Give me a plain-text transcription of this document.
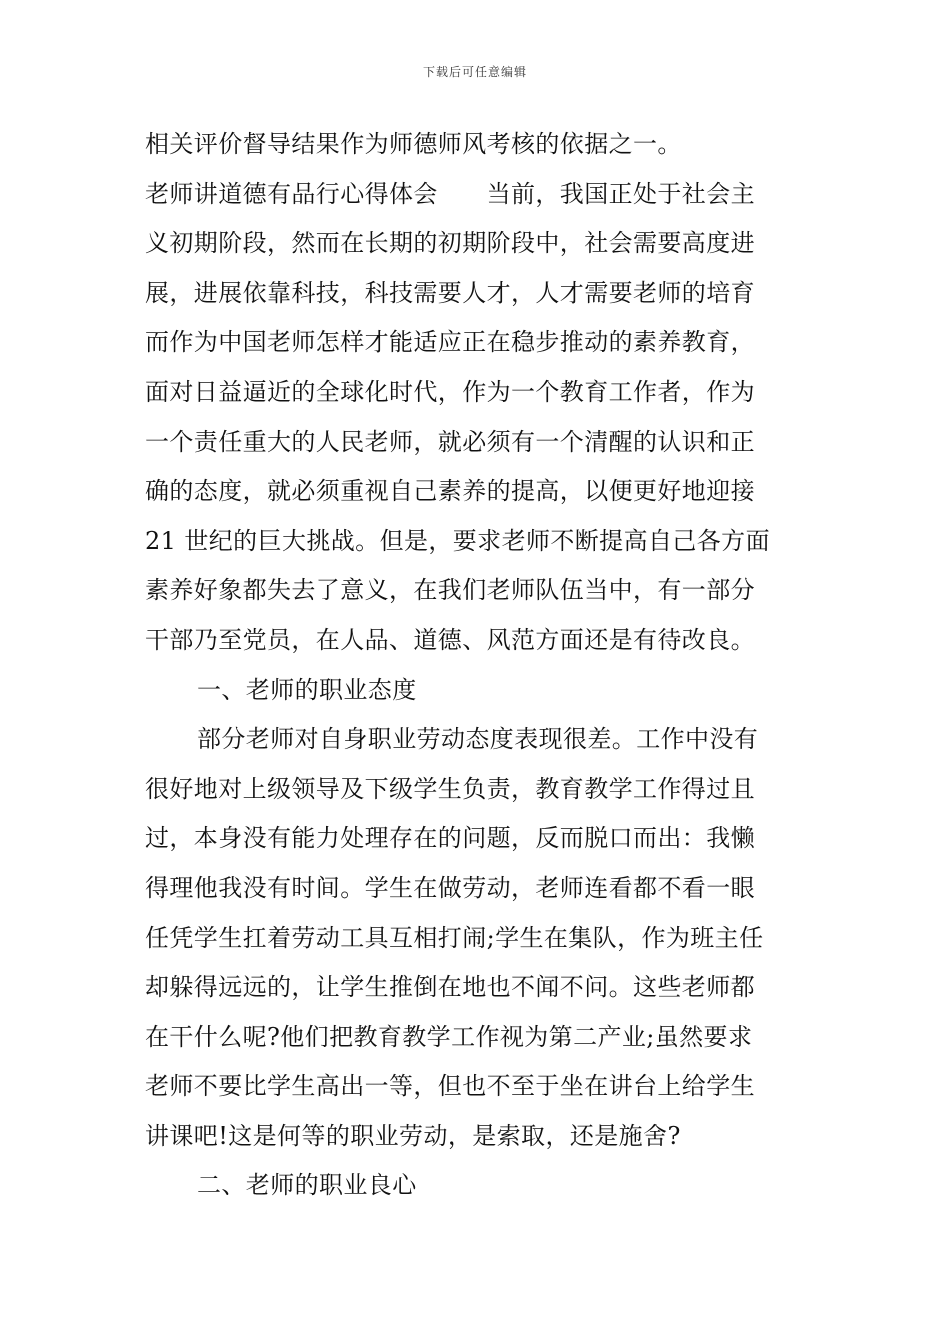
下载后可任意编辑
相关评价督导结果作为师德师风考核的依据之一。
老师讲道德有品行心得体会　　当前，我国正处于社会主
义初期阶段，然而在长期的初期阶段中，社会需要高度进
展，进展依靠科技，科技需要人才，人才需要老师的培育
而作为中国老师怎样才能适应正在稳步推动的素养教育，
面对日益逼近的全球化时代，作为一个教育工作者，作为
一个责任重大的人民老师，就必须有一个清醒的认识和正
确的态度，就必须重视自己素养的提高，以便更好地迎接
21 世纪的巨大挑战。但是，要求老师不断提高自己各方面
素养好象都失去了意义，在我们老师队伍当中，有一部分
干部乃至党员，在人品、道德、风范方面还是有待改良。
一、老师的职业态度
部分老师对自身职业劳动态度表现很差。工作中没有
很好地对上级领导及下级学生负责，教育教学工作得过且
过，本身没有能力处理存在的问题，反而脱口而出：我懒
得理他我没有时间。学生在做劳动，老师连看都不看一眼
任凭学生扛着劳动工具互相打闹;学生在集队，作为班主任
却躲得远远的，让学生推倒在地也不闻不问。这些老师都
在干什么呢?他们把教育教学工作视为第二产业;虽然要求
老师不要比学生高出一等，但也不至于坐在讲台上给学生
讲课吧!这是何等的职业劳动，是索取，还是施舍?
二、老师的职业良心
